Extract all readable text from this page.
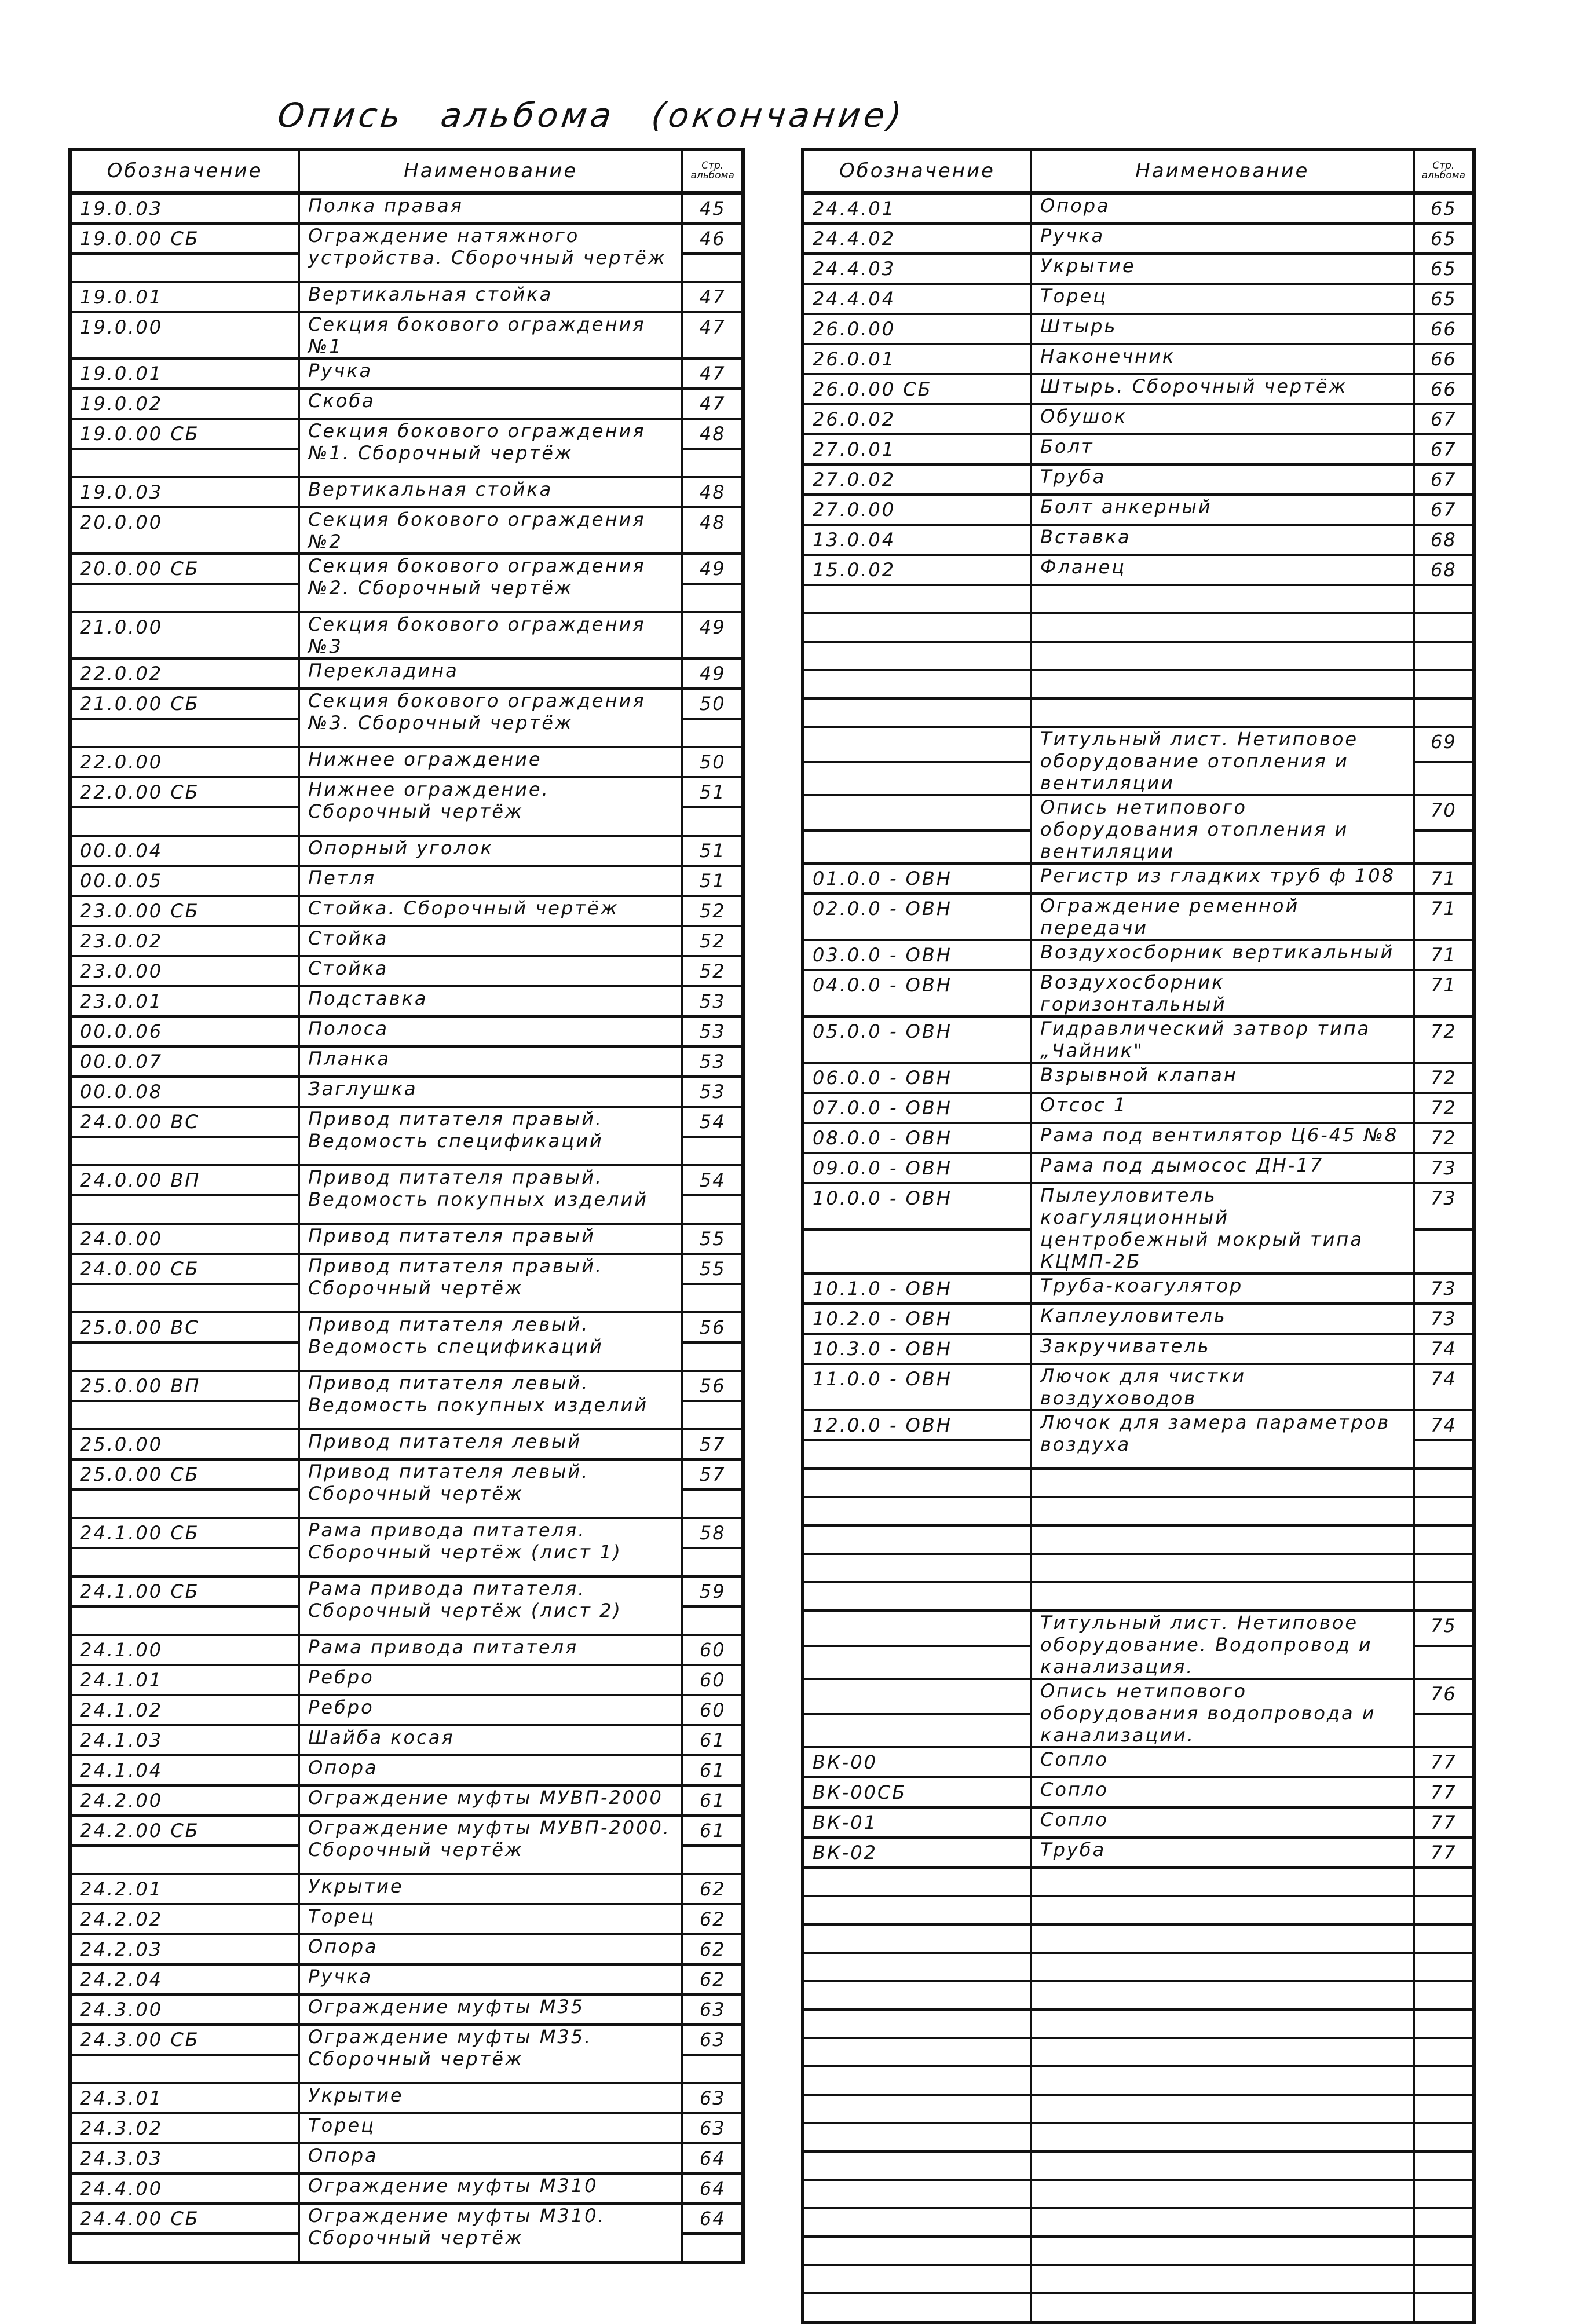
Опись альбома (окончание)
Обозначение	Наименование	Стр. альбома
19.0.03	Полка правая	45
19.0.00 СБ	Ограждение натяжного устройства. Сборочный чертёж	46

19.0.01	Вертикальная стойка	47
19.0.00	Секция бокового ограждения №1	47
19.0.01	Ручка	47
19.0.02	Скоба	47
19.0.00 СБ	Секция бокового ограждения №1. Сборочный чертёж	48

19.0.03	Вертикальная стойка	48
20.0.00	Секция бокового ограждения №2	48
20.0.00 СБ	Секция бокового ограждения №2. Сборочный чертёж	49

21.0.00	Секция бокового ограждения №3	49
22.0.02	Перекладина	49
21.0.00 СБ	Секция бокового ограждения №3. Сборочный чертёж	50

22.0.00	Нижнее ограждение	50
22.0.00 СБ	Нижнее ограждение. Сборочный чертёж	51

00.0.04	Опорный уголок	51
00.0.05	Петля	51
23.0.00 СБ	Стойка. Сборочный чертёж	52
23.0.02	Стойка	52
23.0.00	Стойка	52
23.0.01	Подставка	53
00.0.06	Полоса	53
00.0.07	Планка	53
00.0.08	Заглушка	53
24.0.00 ВС	Привод питателя правый. Ведомость спецификаций	54

24.0.00 ВП	Привод питателя правый. Ведомость покупных изделий	54

24.0.00	Привод питателя правый	55
24.0.00 СБ	Привод питателя правый. Сборочный чертёж	55

25.0.00 ВС	Привод питателя левый. Ведомость спецификаций	56

25.0.00 ВП	Привод питателя левый. Ведомость покупных изделий	56

25.0.00	Привод питателя левый	57
25.0.00 СБ	Привод питателя левый. Сборочный чертёж	57

24.1.00 СБ	Рама привода питателя. Сборочный чертёж (лист 1)	58

24.1.00 СБ	Рама привода питателя. Сборочный чертёж (лист 2)	59

24.1.00	Рама привода питателя	60
24.1.01	Ребро	60
24.1.02	Ребро	60
24.1.03	Шайба косая	61
24.1.04	Опора	61
24.2.00	Ограждение муфты МУВП-2000	61
24.2.00 СБ	Ограждение муфты МУВП-2000. Сборочный чертёж	61

24.2.01	Укрытие	62
24.2.02	Торец	62
24.2.03	Опора	62
24.2.04	Ручка	62
24.3.00	Ограждение муфты М35	63
24.3.00 СБ	Ограждение муфты М35. Сборочный чертёж	63

24.3.01	Укрытие	63
24.3.02	Торец	63
24.3.03	Опора	64
24.4.00	Ограждение муфты М310	64
24.4.00 СБ	Ограждение муфты М310. Сборочный чертёж	64

Обозначение	Наименование	Стр. альбома
24.4.01	Опора	65
24.4.02	Ручка	65
24.4.03	Укрытие	65
24.4.04	Торец	65
26.0.00	Штырь	66
26.0.01	Наконечник	66
26.0.00 СБ	Штырь. Сборочный чертёж	66
26.0.02	Обушок	67
27.0.01	Болт	67
27.0.02	Труба	67
27.0.00	Болт анкерный	67
13.0.04	Вставка	68
15.0.02	Фланец	68

	Титульный лист. Нетиповое оборудование отопления и вентиляции	69

	Опись нетипового оборудования отопления и вентиляции	70

01.0.0 - ОВН	Регистр из гладких труб ф 108	71
02.0.0 - ОВН	Ограждение ременной передачи	71
03.0.0 - ОВН	Воздухосборник вертикальный	71
04.0.0 - ОВН	Воздухосборник горизонтальный	71
05.0.0 - ОВН	Гидравлический затвор типа „Чайник"	72
06.0.0 - ОВН	Взрывной клапан	72
07.0.0 - ОВН	Отсос 1	72
08.0.0 - ОВН	Рама под вентилятор Ц6-45 №8	72
09.0.0 - ОВН	Рама под дымосос ДН-17	73
10.0.0 - ОВН	Пылеуловитель коагуляционный центробежный мокрый типа КЦМП-2Б	73

10.1.0 - ОВН	Труба-коагулятор	73
10.2.0 - ОВН	Каплеуловитель	73
10.3.0 - ОВН	Закручиватель	74
11.0.0 - ОВН	Лючок для чистки воздуховодов	74
12.0.0 - ОВН	Лючок для замера параметров воздуха	74

	Титульный лист. Нетиповое оборудование. Водопровод и канализация.	75

	Опись нетипового оборудования водопровода и канализации.	76

ВК-00	Сопло	77
ВК-00СБ	Сопло	77
ВК-01	Сопло	77
ВК-02	Труба	77
